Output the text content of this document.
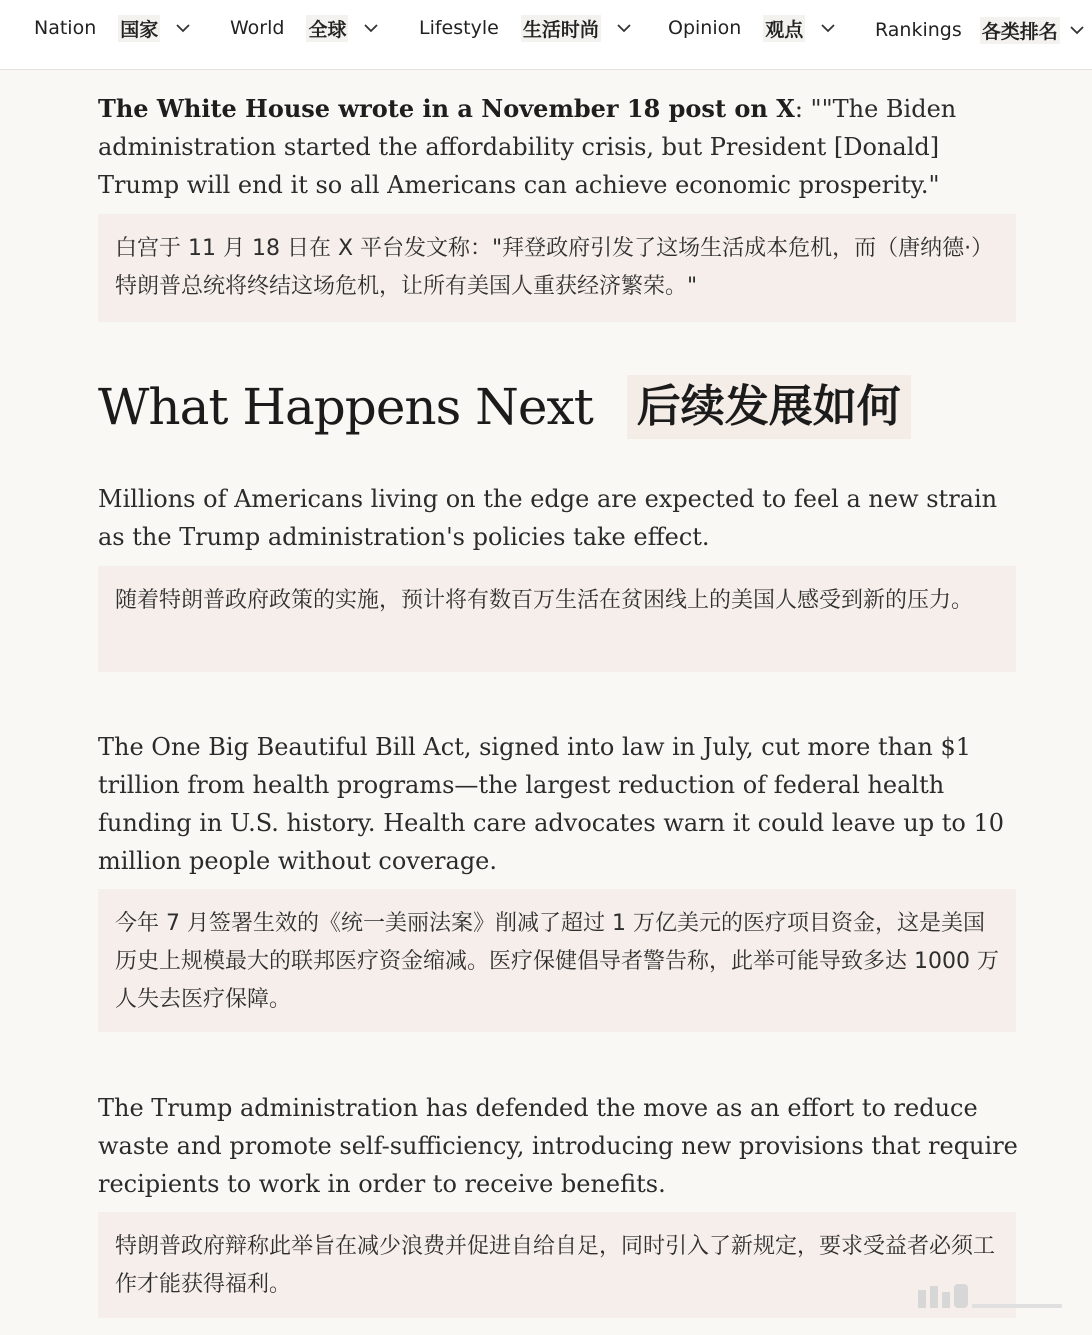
Nation 国家	World 全球	Lifestyle 生活时尚	Opinion 观点	Rankings 各类排名

The White House wrote in a November 18 post on X: ""The Biden administration started the affordability crisis, but President [Donald] Trump will end it so all Americans can achieve economic prosperity."

白宫于 11 月 18 日在 X 平台发文称："拜登政府引发了这场生活成本危机，而（唐纳德·）特朗普总统将终结这场危机，让所有美国人重获经济繁荣。"
What Happens Next 后续发展如何

Millions of Americans living on the edge are expected to feel a new strain as the Trump administration's policies take effect.

随着特朗普政府政策的实施，预计将有数百万生活在贫困线上的美国人感受到新的压力。

The One Big Beautiful Bill Act, signed into law in July, cut more than $1 trillion from health programs—the largest reduction of federal health funding in U.S. history. Health care advocates warn it could leave up to 10 million people without coverage.

今年 7 月签署生效的《统一美丽法案》削减了超过 1 万亿美元的医疗项目资金，这是美国历史上规模最大的联邦医疗资金缩减。医疗保健倡导者警告称，此举可能导致多达 1000 万人失去医疗保障。

The Trump administration has defended the move as an effort to reduce waste and promote self-sufficiency, introducing new provisions that require recipients to work in order to receive benefits.

特朗普政府辩称此举旨在减少浪费并促进自给自足，同时引入了新规定，要求受益者必须工作才能获得福利。
